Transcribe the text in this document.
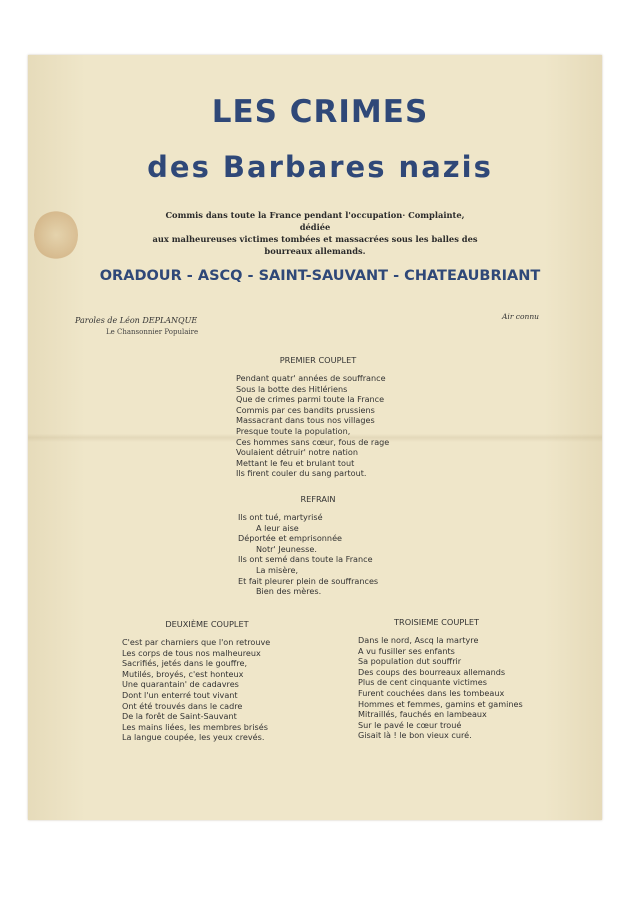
LES CRIMES
des Barbares nazis
Commis dans toute la France pendant l'occupation· Complainte, dédiée
aux malheureuses victimes tombées et massacrées sous les balles des
bourreaux allemands.
ORADOUR - ASCQ - SAINT-SAUVANT - CHATEAUBRIANT
Paroles de Léon DEPLANQUE
Le Chansonnier Populaire
Air connu
PREMIER COUPLET
Pendant quatr' années de souffrance
Sous la botte des Hitlériens
Que de crimes parmi toute la France
Commis par ces bandits prussiens
Massacrant dans tous nos villages
Presque toute la population,
Ces hommes sans cœur, fous de rage
Voulaient détruir' notre nation
Mettant le feu et brulant tout
Ils firent couler du sang partout.
REFRAIN
Ils ont tué, martyrisé
A leur aise
Déportée et emprisonnée
Notr' Jeunesse.
Ils ont semé dans toute la France
La misère,
Et fait pleurer plein de souffrances
Bien des mères.
DEUXIÈME COUPLET
C'est par charniers que l'on retrouve
Les corps de tous nos malheureux
Sacrifiés, jetés dans le gouffre,
Mutilés, broyés, c'est honteux
Une quarantain' de cadavres
Dont l'un enterré tout vivant
Ont été trouvés dans le cadre
De la forêt de Saint-Sauvant
Les mains liées, les membres brisés
La langue coupée, les yeux crevés.
TROISIEME COUPLET
Dans le nord, Ascq la martyre
A vu fusiller ses enfants
Sa population dut souffrir
Des coups des bourreaux allemands
Plus de cent cinquante victimes
Furent couchées dans les tombeaux
Hommes et femmes, gamins et gamines
Mitraillés, fauchés en lambeaux
Sur le pavé le cœur troué
Gisait là ! le bon vieux curé.
